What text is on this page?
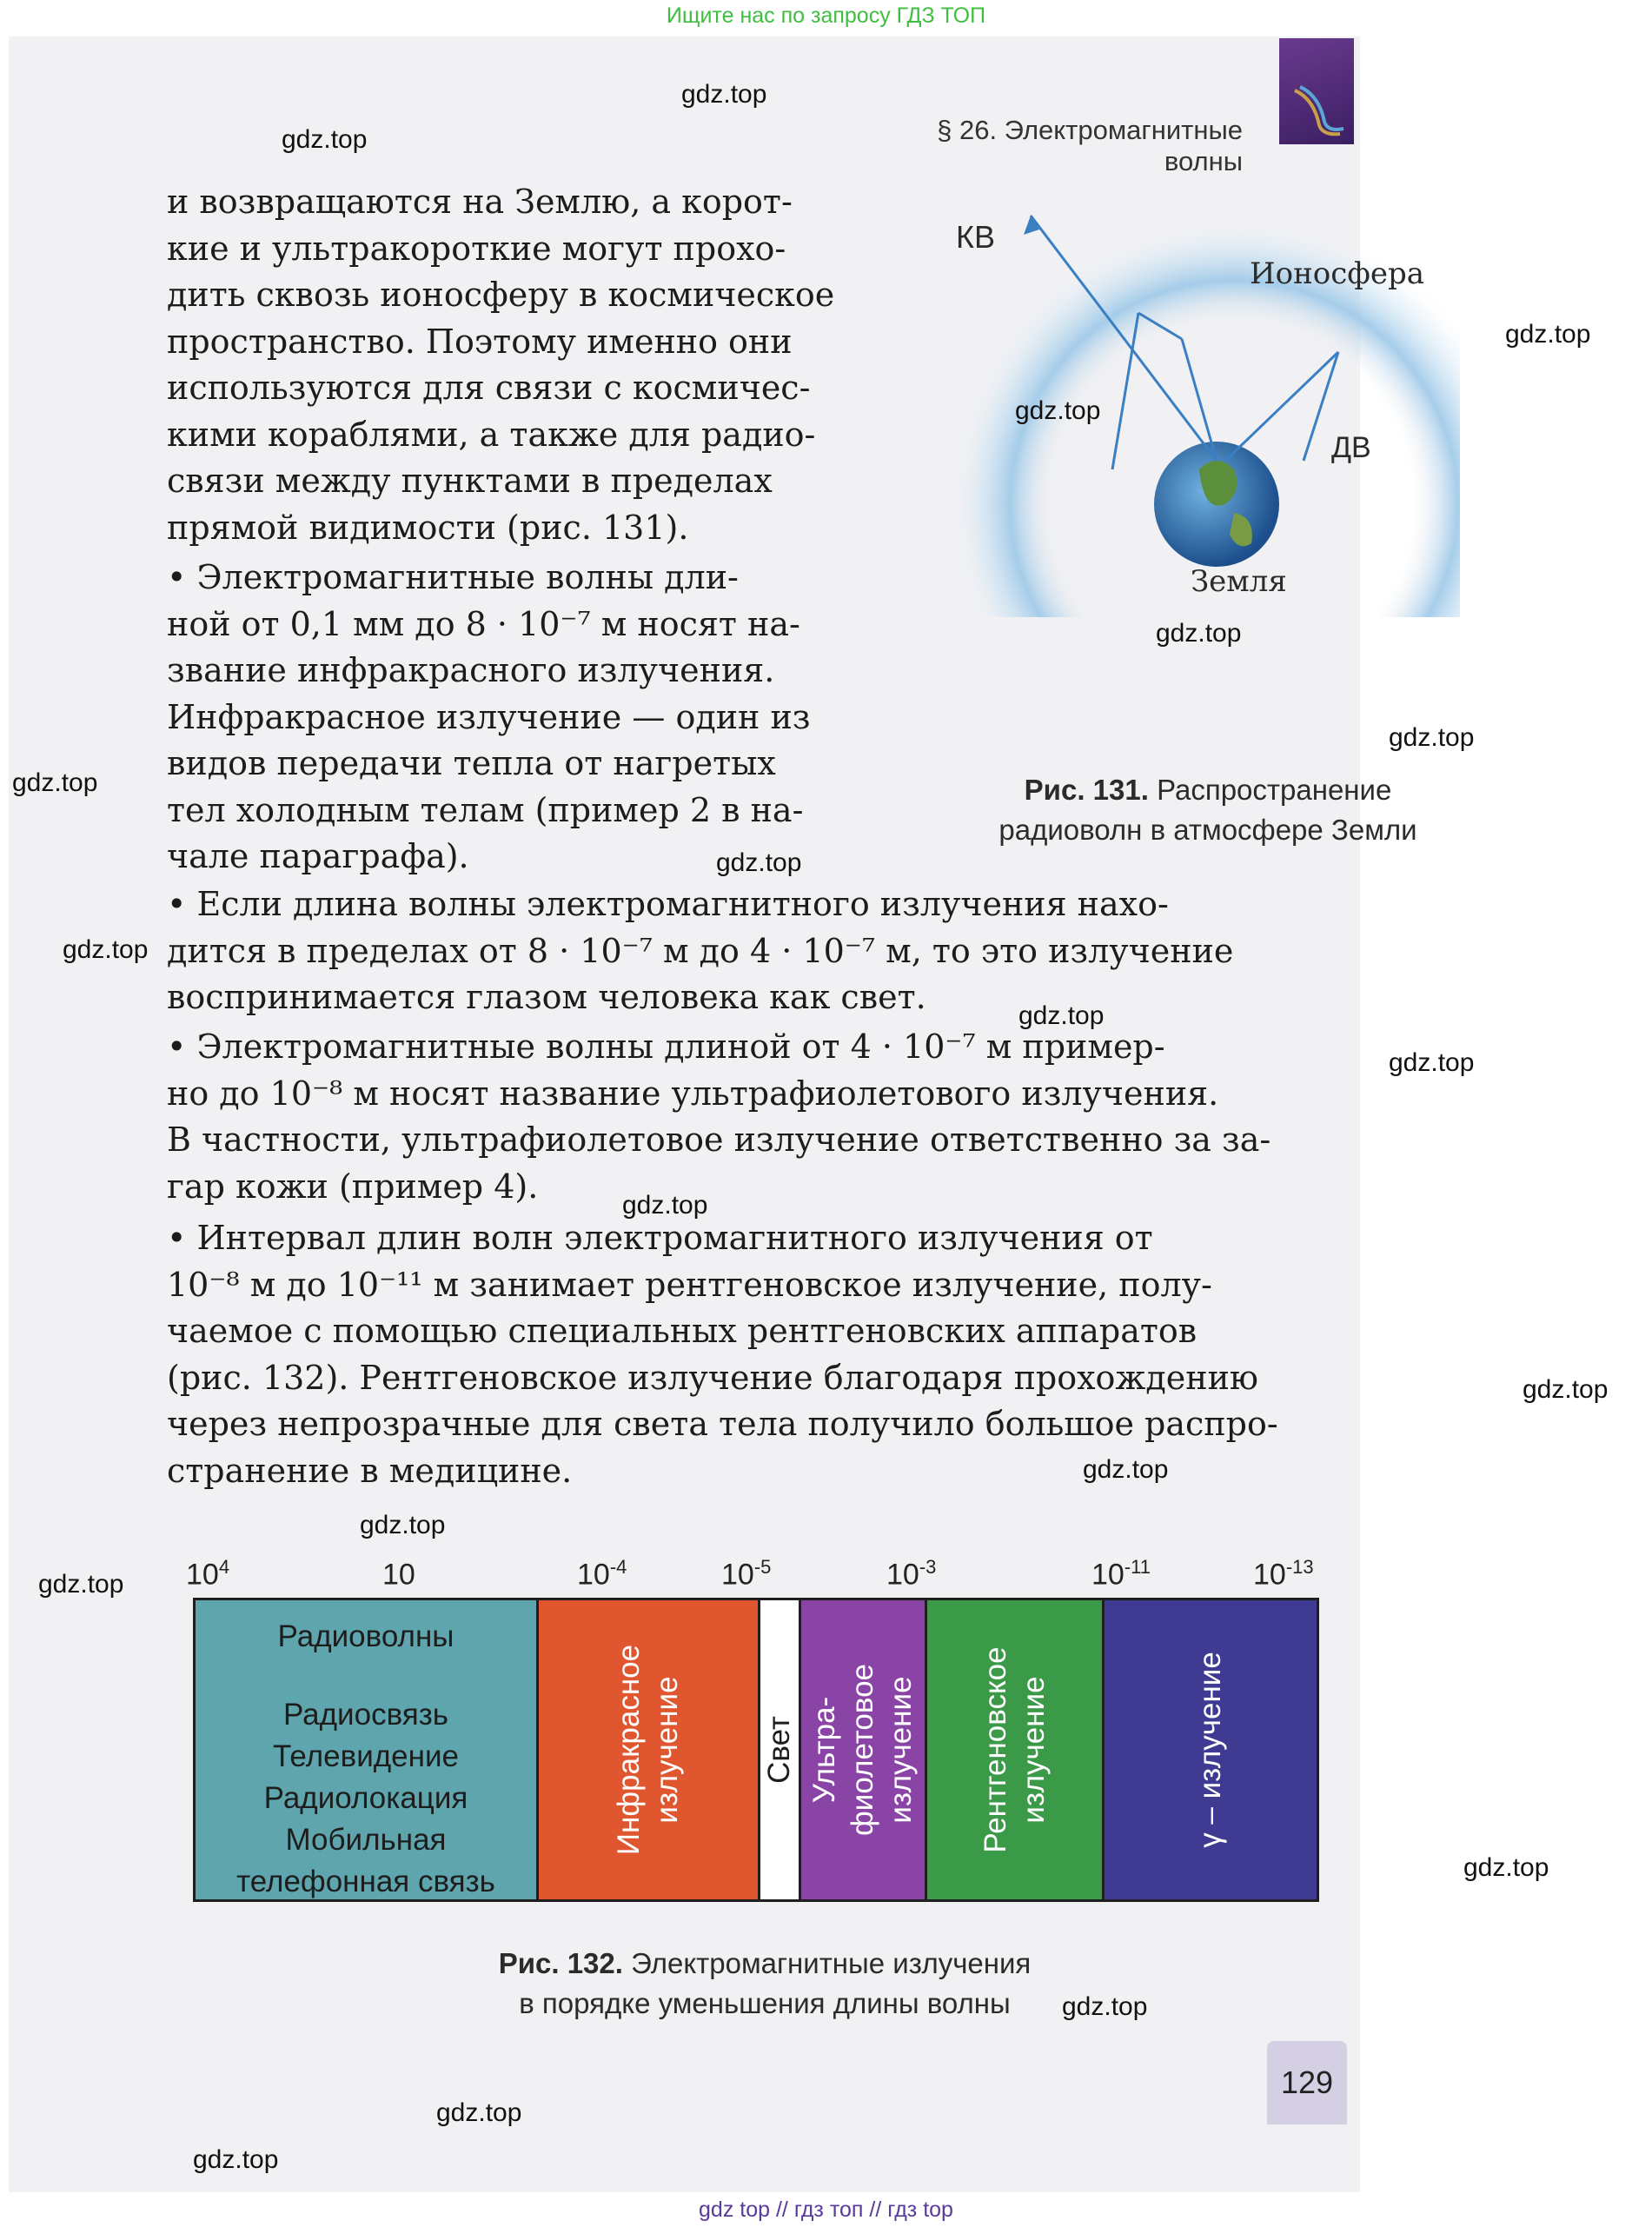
Ищите нас по запросу ГДЗ ТОП
§ 26. Электромагнитные волны
и возвращаются на Землю, а корот-
кие и ультракороткие могут прохо-
дить сквозь ионосферу в космическое
пространство. Поэтому именно они
используются для связи с космичес-
кими кораблями, а также для радио-
связи между пунктами в пределах
прямой видимости (рис. 131).
• Электромагнитные волны дли-
ной от 0,1 мм до 8 · 10⁻⁷ м носят на-
звание инфракрасного излучения.
Инфракрасное излучение — один из
видов передачи тепла от нагретых
тел холодным телам (пример 2 в на-
чале параграфа).
КВ
Ионосфера
ДВ
Земля
Рис. 131. Распространение
радиоволн в атмосфере Земли
• Если длина волны электромагнитного излучения нахо-
дится в пределах от 8 · 10⁻⁷ м до 4 · 10⁻⁷ м, то это излучение
воспринимается глазом человека как свет.
• Электромагнитные волны длиной от 4 · 10⁻⁷ м пример-
но до 10⁻⁸ м носят название ультрафиолетового излучения.
В частности, ультрафиолетовое излучение ответственно за за-
гар кожи (пример 4).
• Интервал длин волн электромагнитного излучения от
10⁻⁸ м до 10⁻¹¹ м занимает рентгеновское излучение, полу-
чаемое с помощью специальных рентгеновских аппаратов
(рис. 132). Рентгеновское излучение благодаря прохождению
через непрозрачные для света тела получило большое распро-
странение в медицине.
$10^4$	10	$10^{-4}$	$10^{-5}$	$10^{-3}$	$10^{-11}$	$10^{-13}$
Радиоволны
Радиосвязь
Телевидение
Радиолокация
Мобильная
телефонная связь
Инфракрасное излучение	Свет Ультра- фиолетовое излучение Рентгеновское излучение	γ – излучение
Рис. 132. Электромагнитные излучения
в порядке уменьшения длины волны
129
gdz.top
gdz.top
gdz.top
gdz.top
gdz.top
gdz.top
gdz.top
gdz.top
gdz.top
gdz.top
gdz.top
gdz.top
gdz.top
gdz.top
gdz.top
gdz.top
gdz.top
gdz.top
gdz.top
gdz.top
gdz top // гдз топ // гдз top
